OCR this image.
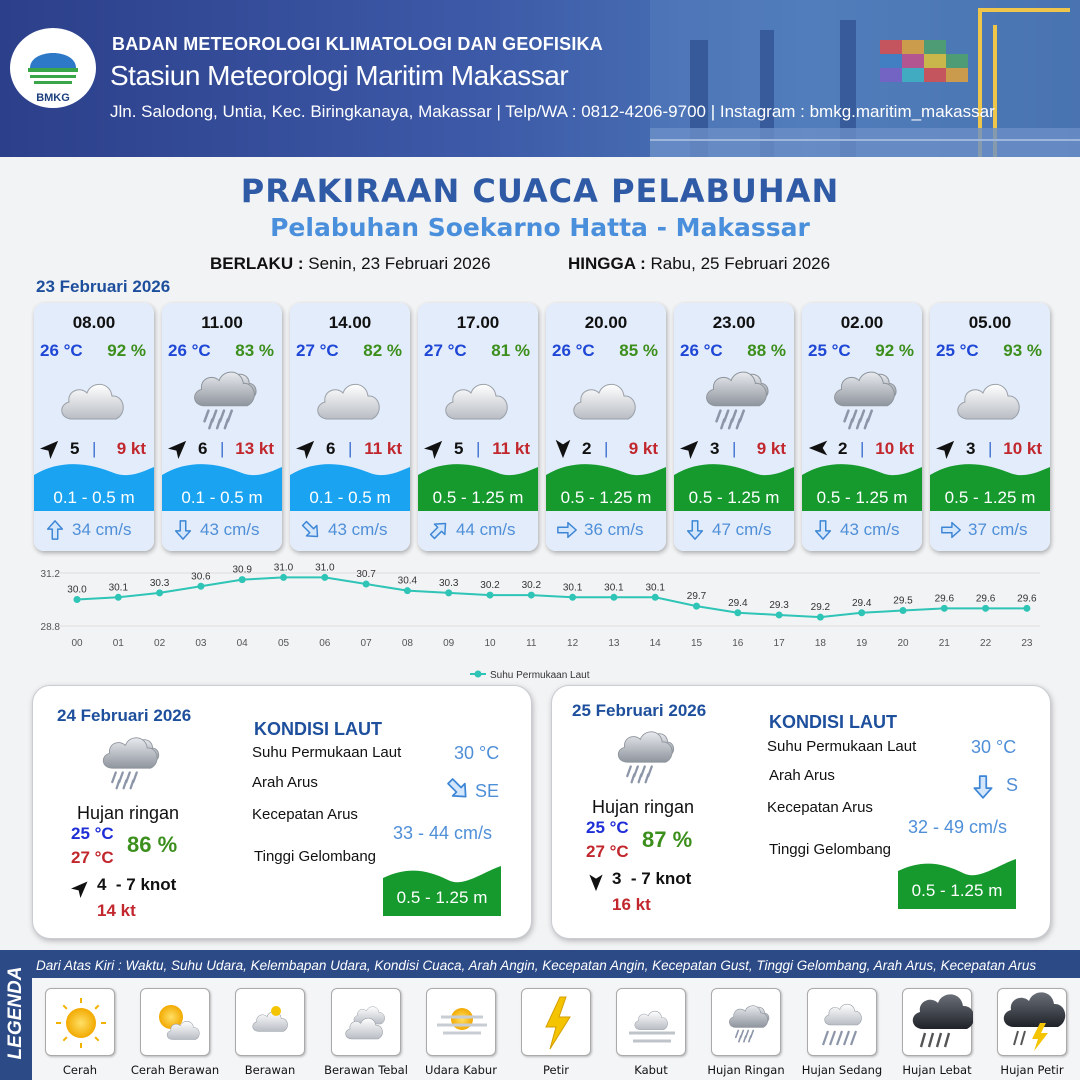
BMKG
BADAN METEOROLOGI KLIMATOLOGI DAN GEOFISIKA
Stasiun Meteorologi Maritim Makassar
Jln. Salodong, Untia, Kec. Biringkanaya, Makassar | Telp/WA : 0812-4206-9700 | Instagram : bmkg.maritim_makassar
PRAKIRAAN CUACA PELABUHAN
Pelabuhan Soekarno Hatta - Makassar
BERLAKU : Senin, 23 Februari 2026	HINGGA : Rabu, 25 Februari 2026
23 Februari 2026
08.00
26 °C 92 %
5 | 9 kt
0.1 - 0.5 m
34 cm/s
11.00
26 °C 83 %
6 | 13 kt
0.1 - 0.5 m
43 cm/s
14.00
27 °C 82 %
6 | 11 kt
0.1 - 0.5 m
43 cm/s
17.00
27 °C 81 %
5 | 11 kt
0.5 - 1.25 m
44 cm/s
20.00
26 °C 85 %
2 | 9 kt
0.5 - 1.25 m
36 cm/s
23.00
26 °C 88 %
3 | 9 kt
0.5 - 1.25 m
47 cm/s
02.00
25 °C 92 %
2 | 10 kt
0.5 - 1.25 m
43 cm/s
05.00
25 °C 93 %
3 | 10 kt
0.5 - 1.25 m
37 cm/s
31.2
28.8
30.0
00
30.1
01
30.3
02
30.6
03
30.9
04
31.0
05
31.0
06
30.7
07
30.4
08
30.3
09
30.2
10
30.2
11
30.1
12
30.1
13
30.1
14
29.7
15
29.4
16
29.3
17
29.2
18
29.4
19
29.5
20
29.6
21
29.6
22
29.6
23
Suhu Permukaan Laut
24 Februari 2026
Hujan ringan
25 °C
27 °C
86 %
4  - 7 knot
14 kt
KONDISI LAUT
Suhu Permukaan Laut	30 °C
Arah Arus	SE
Kecepatan Arus
33 - 44 cm/s
Tinggi Gelombang
0.5 - 1.25 m
25 Februari 2026
Hujan ringan
25 °C
27 °C 87 %
3  - 7 knot
16 kt
KONDISI LAUT
Suhu Permukaan Laut	30 °C
Arah Arus	S
Kecepatan Arus
32 - 49 cm/s
Tinggi Gelombang
0.5 - 1.25 m
LEGENDA
Dari Atas Kiri : Waktu, Suhu Udara, Kelembapan Udara, Kondisi Cuaca, Arah Angin, Kecepatan Angin, Kecepatan Gust, Tinggi Gelombang, Arah Arus, Kecepatan Arus
Cerah	Cerah Berawan	Berawan	Berawan Tebal	Udara Kabur	Petir	Kabut	Hujan Ringan	Hujan Sedang	Hujan Lebat	Hujan Petir
